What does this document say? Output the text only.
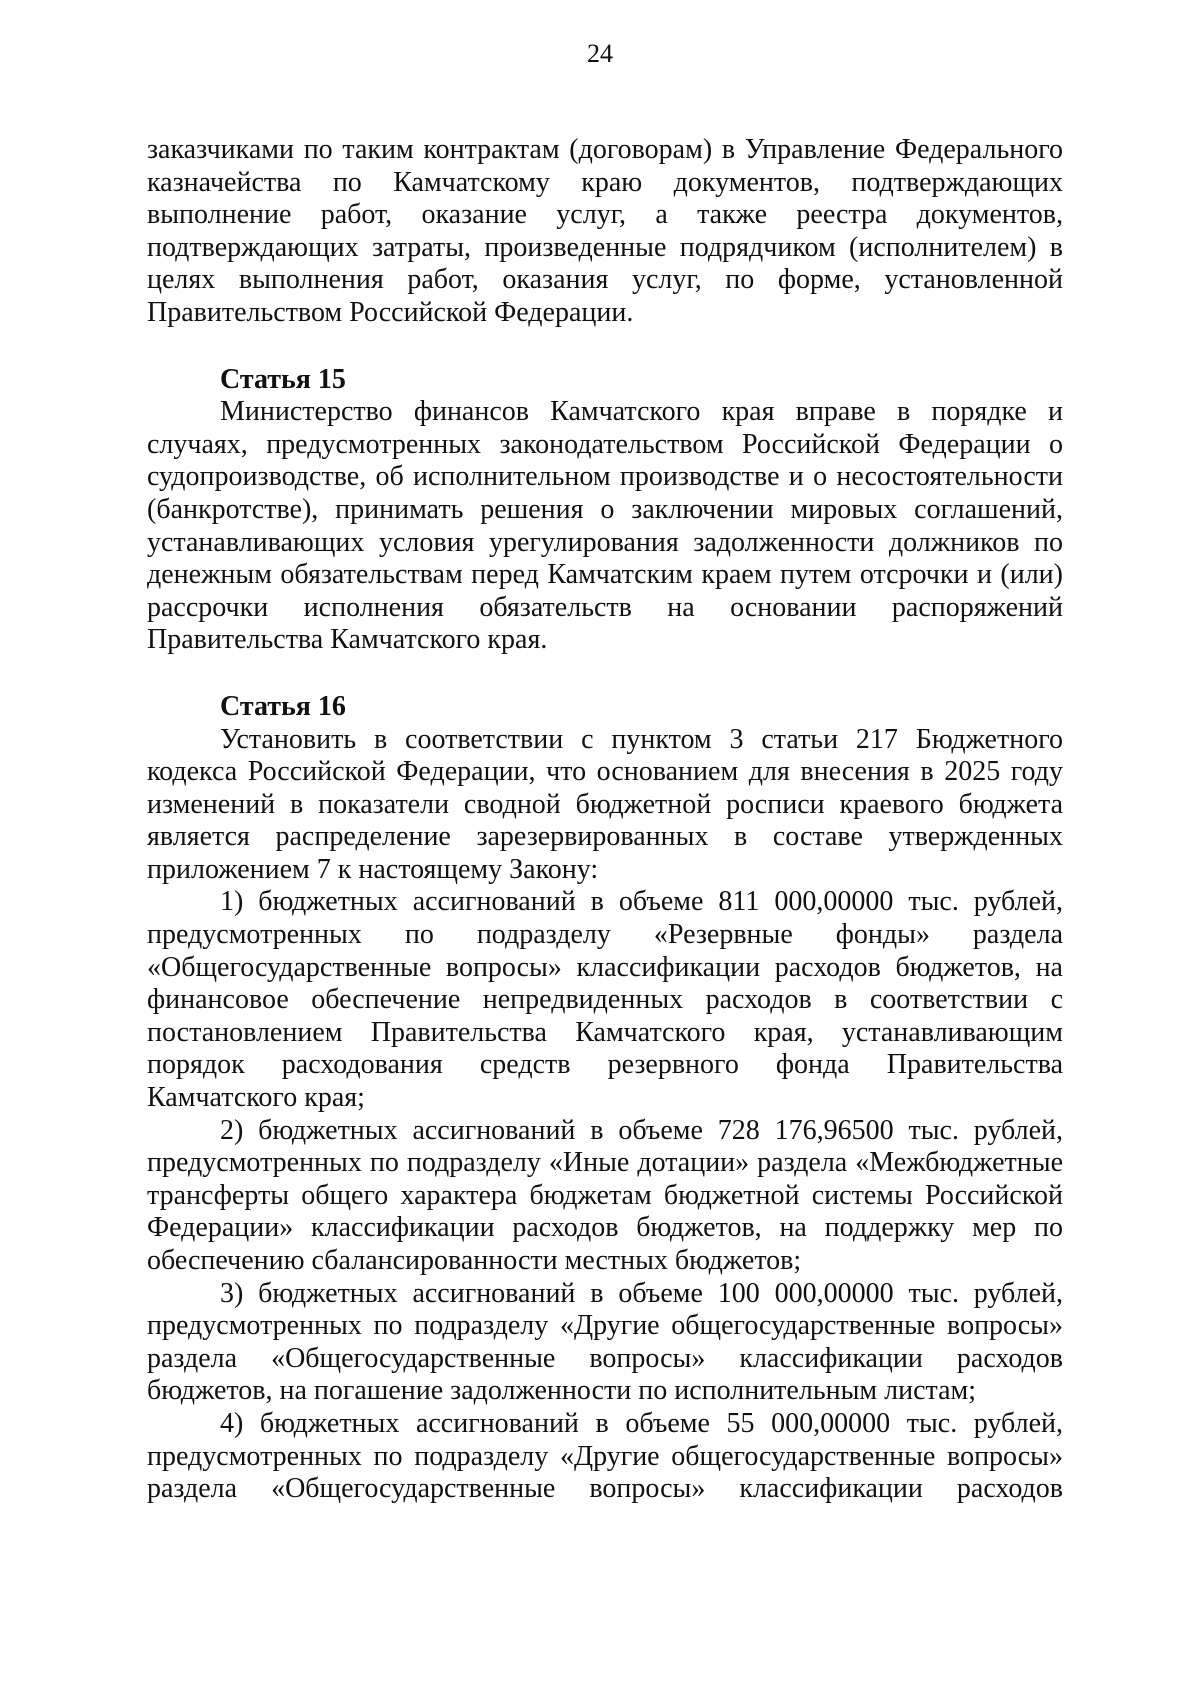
24

заказчиками по таким контрактам (договорам) в Управление Федерального казначейства по Камчатскому краю документов, подтверждающих выполнение работ, оказание услуг, а также реестра документов, подтверждающих затраты, произведенные подрядчиком (исполнителем) в целях выполнения работ, оказания услуг, по форме, установленной Правительством Российской Федерации.

Статья 15

Министерство финансов Камчатского края вправе в порядке и случаях, предусмотренных законодательством Российской Федерации о судопроизводстве, об исполнительном производстве и о несостоятельности (банкротстве), принимать решения о заключении мировых соглашений, устанавливающих условия урегулирования задолженности должников по денежным обязательствам перед Камчатским краем путем отсрочки и (или) рассрочки исполнения обязательств на основании распоряжений Правительства Камчатского края.

Статья 16

Установить в соответствии с пунктом 3 статьи 217 Бюджетного кодекса Российской Федерации, что основанием для внесения в 2025 году изменений в показатели сводной бюджетной росписи краевого бюджета является распределение зарезервированных в составе утвержденных приложением 7 к настоящему Закону:

1) бюджетных ассигнований в объеме 811 000,00000 тыс. рублей, предусмотренных по подразделу «Резервные фонды» раздела «Общегосударственные вопросы» классификации расходов бюджетов, на финансовое обеспечение непредвиденных расходов в соответствии с постановлением Правительства Камчатского края, устанавливающим порядок расходования средств резервного фонда Правительства Камчатского края;

2) бюджетных ассигнований в объеме 728 176,96500 тыс. рублей, предусмотренных по подразделу «Иные дотации» раздела «Межбюджетные трансферты общего характера бюджетам бюджетной системы Российской Федерации» классификации расходов бюджетов, на поддержку мер по обеспечению сбалансированности местных бюджетов;

3) бюджетных ассигнований в объеме 100 000,00000 тыс. рублей, предусмотренных по подразделу «Другие общегосударственные вопросы» раздела «Общегосударственные вопросы» классификации расходов бюджетов, на погашение задолженности по исполнительным листам;

4) бюджетных ассигнований в объеме 55 000,00000 тыс. рублей, предусмотренных по подразделу «Другие общегосударственные вопросы» раздела «Общегосударственные вопросы» классификации расходов
